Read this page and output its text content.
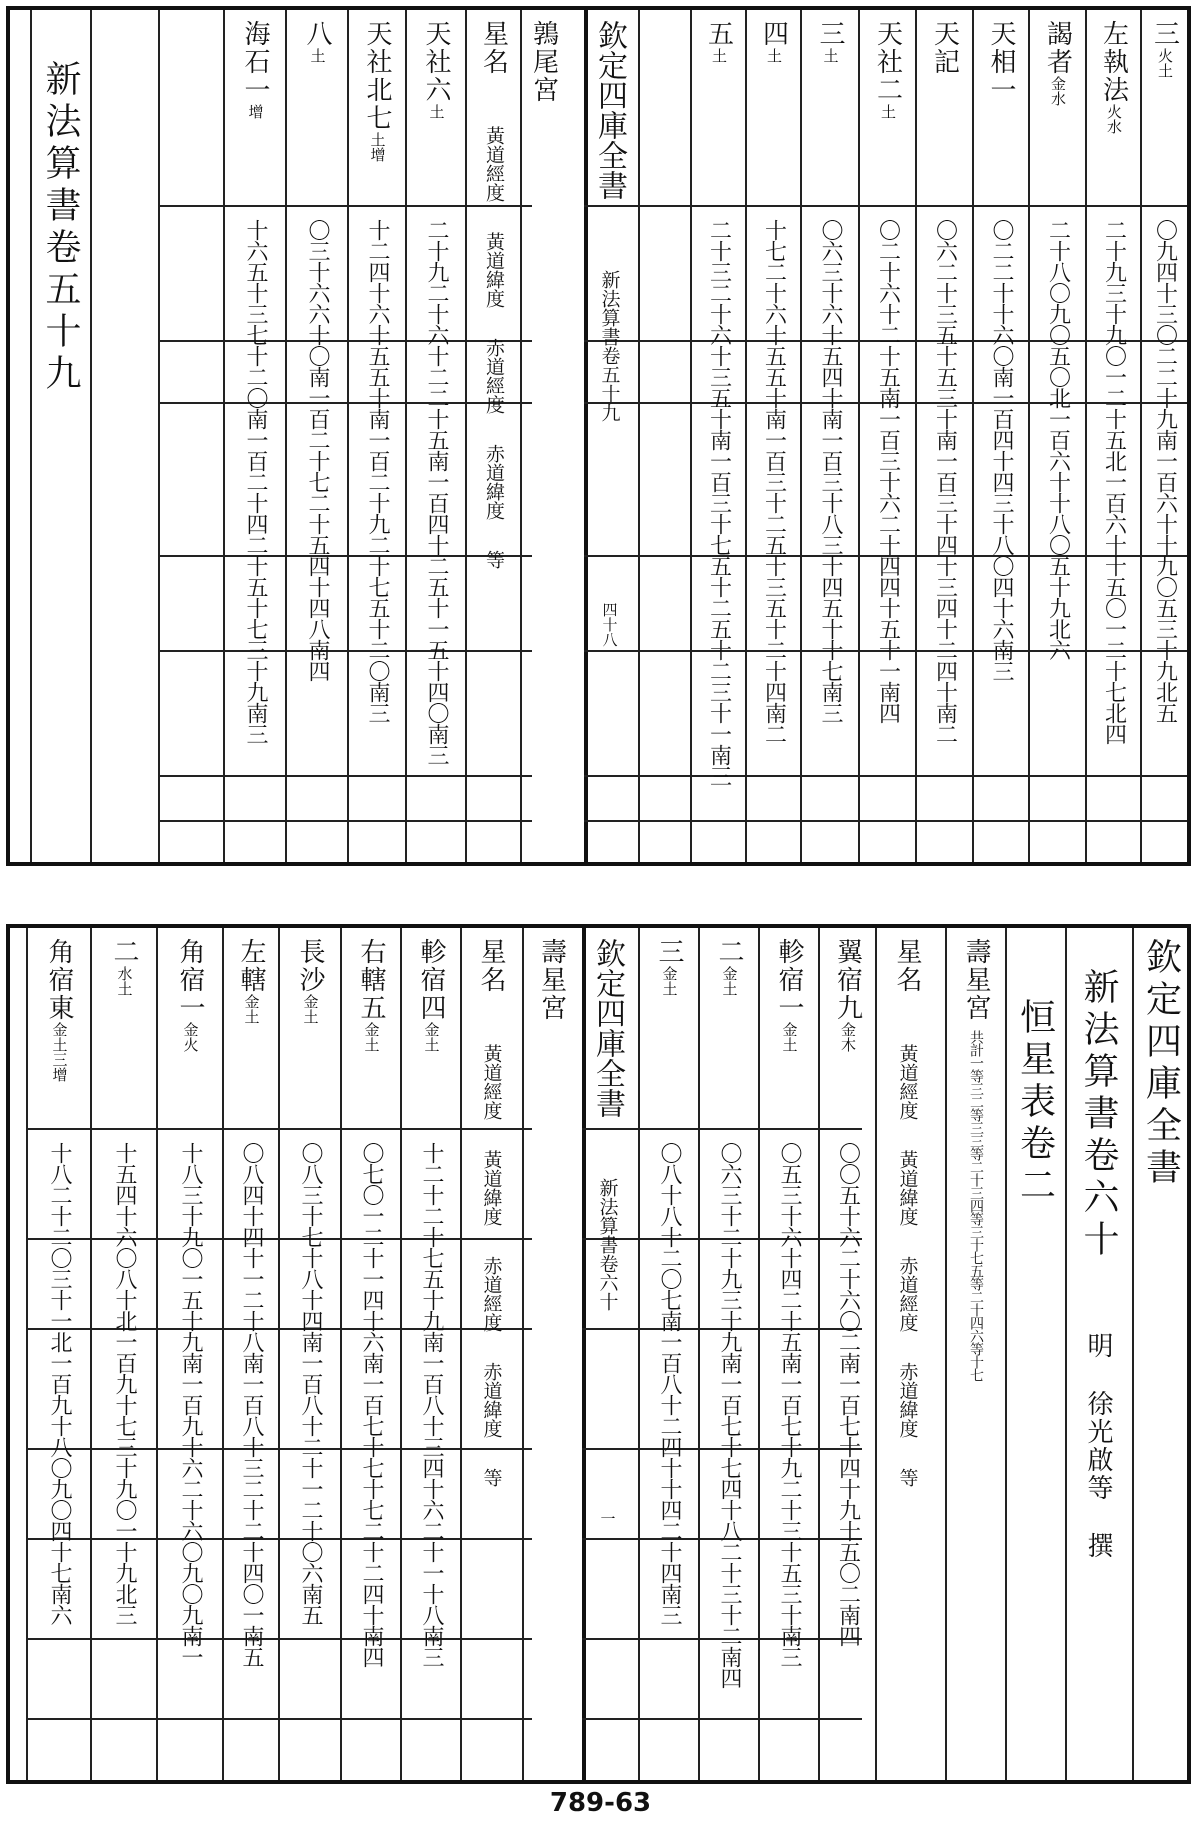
三
火土
左執法
火水
謁者
金水
天相一
天記
天社二
土
三
土
四
土
五
土
〇九四十三〇二二十九南一百六十十九〇五三十九北五
二十九三十九〇一二十五北一百六十十五〇一二十七北四
二十八〇九〇五〇北一百六十十八〇五十九北六
〇二二十十六〇南一百四十四三十八〇四十六南三
〇六二十三五十五三十南一百三十四十三四十二四十南二
〇二十六十二十五南一百三十六二十四四十五十一南四
〇六三十六十五四十南一百三十八三十四五十十七南三
十七二十六十五五十南一百三十二五十三五十二十四南二
二十三二十六十三五十南一百三十七五十二五十二三十一南三
欽定四庫全書
新法算書卷五十九
四十八
鶉尾宮
星名
黃道經度
黃道緯度
赤道經度
赤道緯度
等
天社六
土
天社北七
土增
八
土
海石一
增
二十九二十六十二二十五南一百四十二五十一五十四〇南三
十二四十六十五五十南一百二十九二十七五十二〇南三
〇三十六六十〇南一百二十七二十五四十四八南四
十六五十三七十二〇南一百二十四二十五十七三十九南三
新法算書卷五十九
欽定四庫全書
新法算書卷六十
明
徐光啟等
撰
恒星表卷二
壽星宮
共計一等三二等三三等二十三四等三十七五等二十四六等十七
星名
黃道經度
黃道緯度
赤道經度
赤道緯度
等
翼宿九
金木
軫宿一
金土
二
金土
三
金土
〇〇五十六二十六〇二南一百七十四十九十五〇二南四
〇五三十六十四二十五南一百七十九二十三十五三十南三
〇六三十二十九三十九南一百七十七四十八二十三十二南四
〇八十八十二〇七南一百八十二四十十四二十四南三
欽定四庫全書
新法算書卷六十
一
壽星宮
星名
黃道經度
黃道緯度
赤道經度
赤道緯度
等
軫宿四
金土
右轄五
金土
長沙
金土
左轄
金土
角宿一
金火
二
水土
角宿東
金土三增
十二十二十七五十九南一百八十三四十六二十一十八南三
〇七〇一二十一四十六南一百七十七十七二十二四十南四
〇八三十七十八十四南一百八十二十一二十〇六南五
〇八四十四十一二十八南一百八十三二十二十四〇一南五
十八三十九〇一五十九南一百九十六二十六〇九〇九南一
十五四十六〇八十北一百九十七三十九〇一十九北三
十八二十二〇三十一北一百九十八〇九〇四十七南六
789-63
